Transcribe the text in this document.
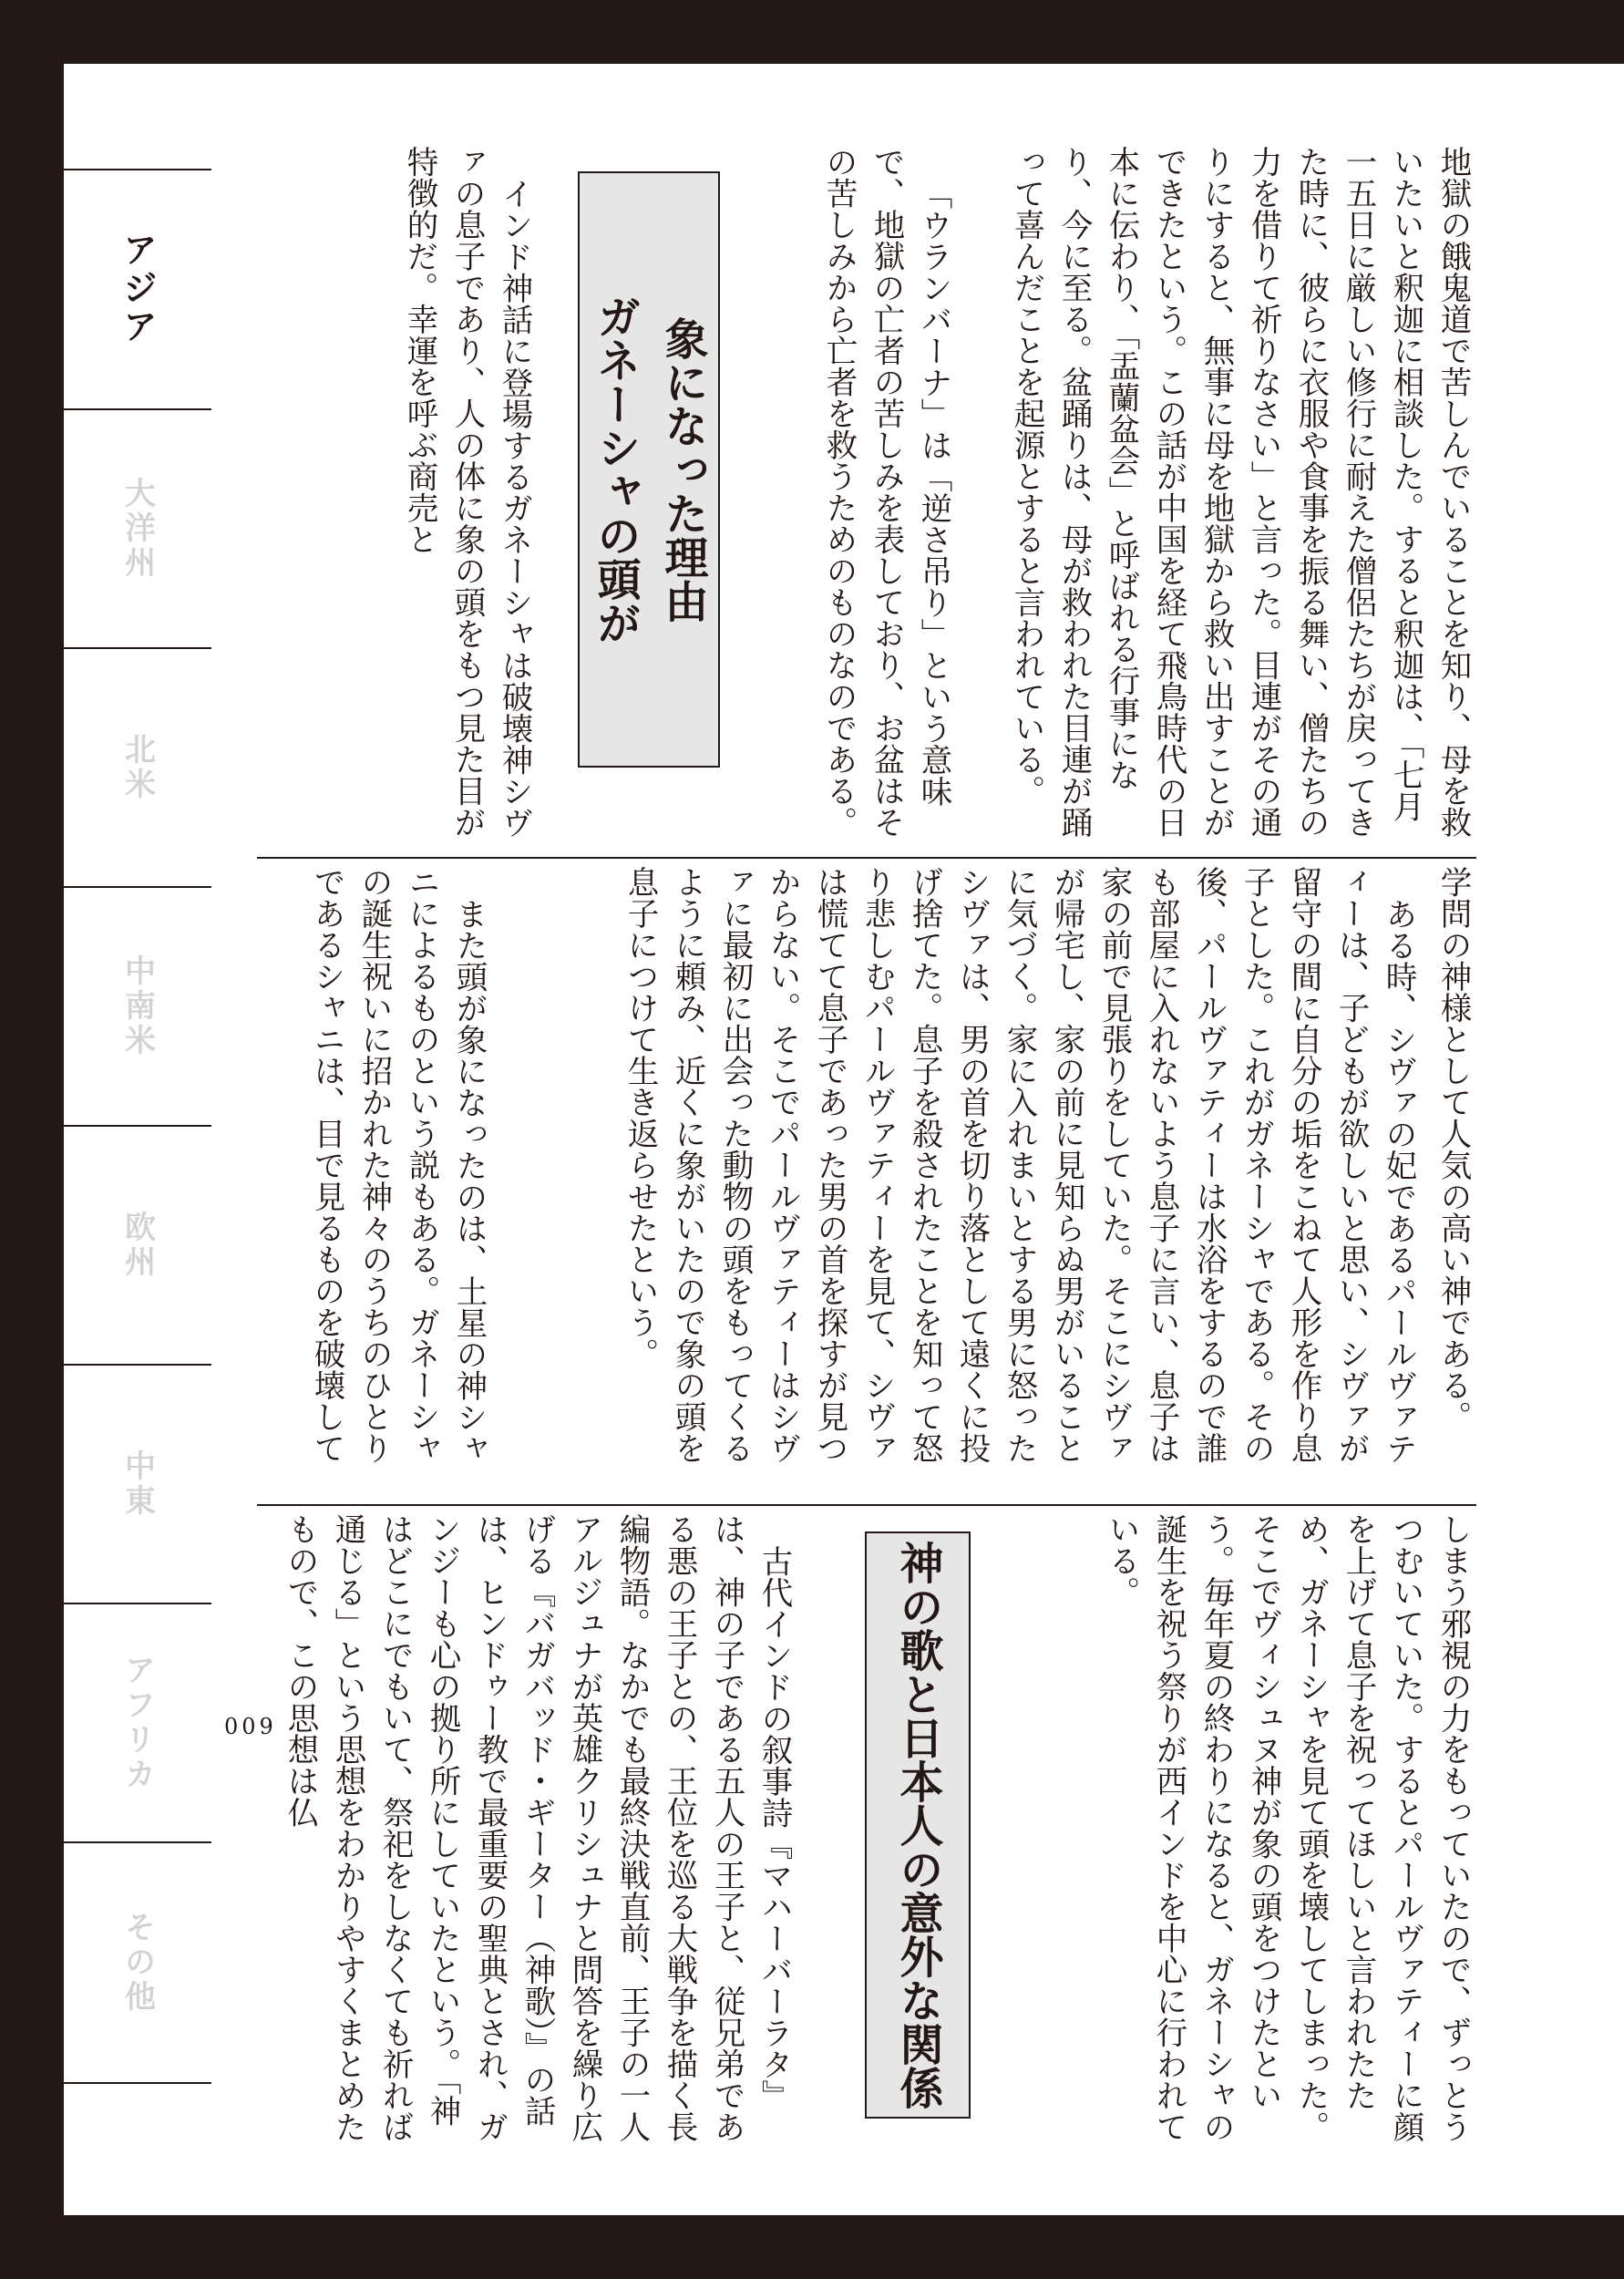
アジア
大洋州
北米
中南米
欧州
中東
アフリカ
その他

地獄の餓鬼道で苦しんでいることを知り、母を救いたいと釈迦に相談した。すると釈迦は、「七月一五日に厳しい修行に耐えた僧侶たちが戻ってきた時に、彼らに衣服や食事を振る舞い、僧たちの力を借りて祈りなさい」と言った。目連がその通りにすると、無事に母を地獄から救い出すことができたという。この話が中国を経て飛鳥時代の日本に伝わり、「盂蘭盆会」と呼ばれる行事になり、今に至る。盆踊りは、母が救われた目連が踊って喜んだことを起源とすると言われている。

「ウランバーナ」は「逆さ吊り」という意味で、地獄の亡者の苦しみを表しており、お盆はその苦しみから亡者を救うためのものなのである。

ガネーシャの頭が 象になった理由

インド神話に登場するガネーシャは破壊神シヴァの息子であり、人の体に象の頭をもつ見た目が特徴的だ。幸運を呼ぶ商売と

学問の神様として人気の高い神である。

ある時、シヴァの妃であるパールヴァティーは、子どもが欲しいと思い、シヴァが留守の間に自分の垢をこねて人形を作り息子とした。これがガネーシャである。その後、パールヴァティーは水浴をするので誰も部屋に入れないよう息子に言い、息子は家の前で見張りをしていた。そこにシヴァが帰宅し、家の前に見知らぬ男がいることに気づく。家に入れまいとする男に怒ったシヴァは、男の首を切り落として遠くに投げ捨てた。息子を殺されたことを知って怒り悲しむパールヴァティーを見て、シヴァは慌てて息子であった男の首を探すが見つからない。そこでパールヴァティーはシヴァに最初に出会った動物の頭をもってくるように頼み、近くに象がいたので象の頭を息子につけて生き返らせたという。

また頭が象になったのは、土星の神シャニによるものという説もある。ガネーシャの誕生祝いに招かれた神々のうちのひとりであるシャニは、目で見るものを破壊して

しまう邪視の力をもっていたので、ずっとうつむいていた。するとパールヴァティーに顔を上げて息子を祝ってほしいと言われたため、ガネーシャを見て頭を壊してしまった。そこでヴィシュヌ神が象の頭をつけたという。毎年夏の終わりになると、ガネーシャの誕生を祝う祭りが西インドを中心に行われている。

神の歌と日本人の意外な関係

古代インドの叙事詩『マハーバーラタ』は、神の子である五人の王子と、従兄弟である悪の王子との、王位を巡る大戦争を描く長編物語。なかでも最終決戦直前、王子の一人アルジュナが英雄クリシュナと問答を繰り広げる『バガバッド・ギーター（神歌）』の話は、ヒンドゥー教で最重要の聖典とされ、ガンジーも心の拠り所にしていたという。「神はどこにでもいて、祭祀をしなくても祈れば通じる」という思想をわかりやすくまとめたもので、この思想は仏

009
